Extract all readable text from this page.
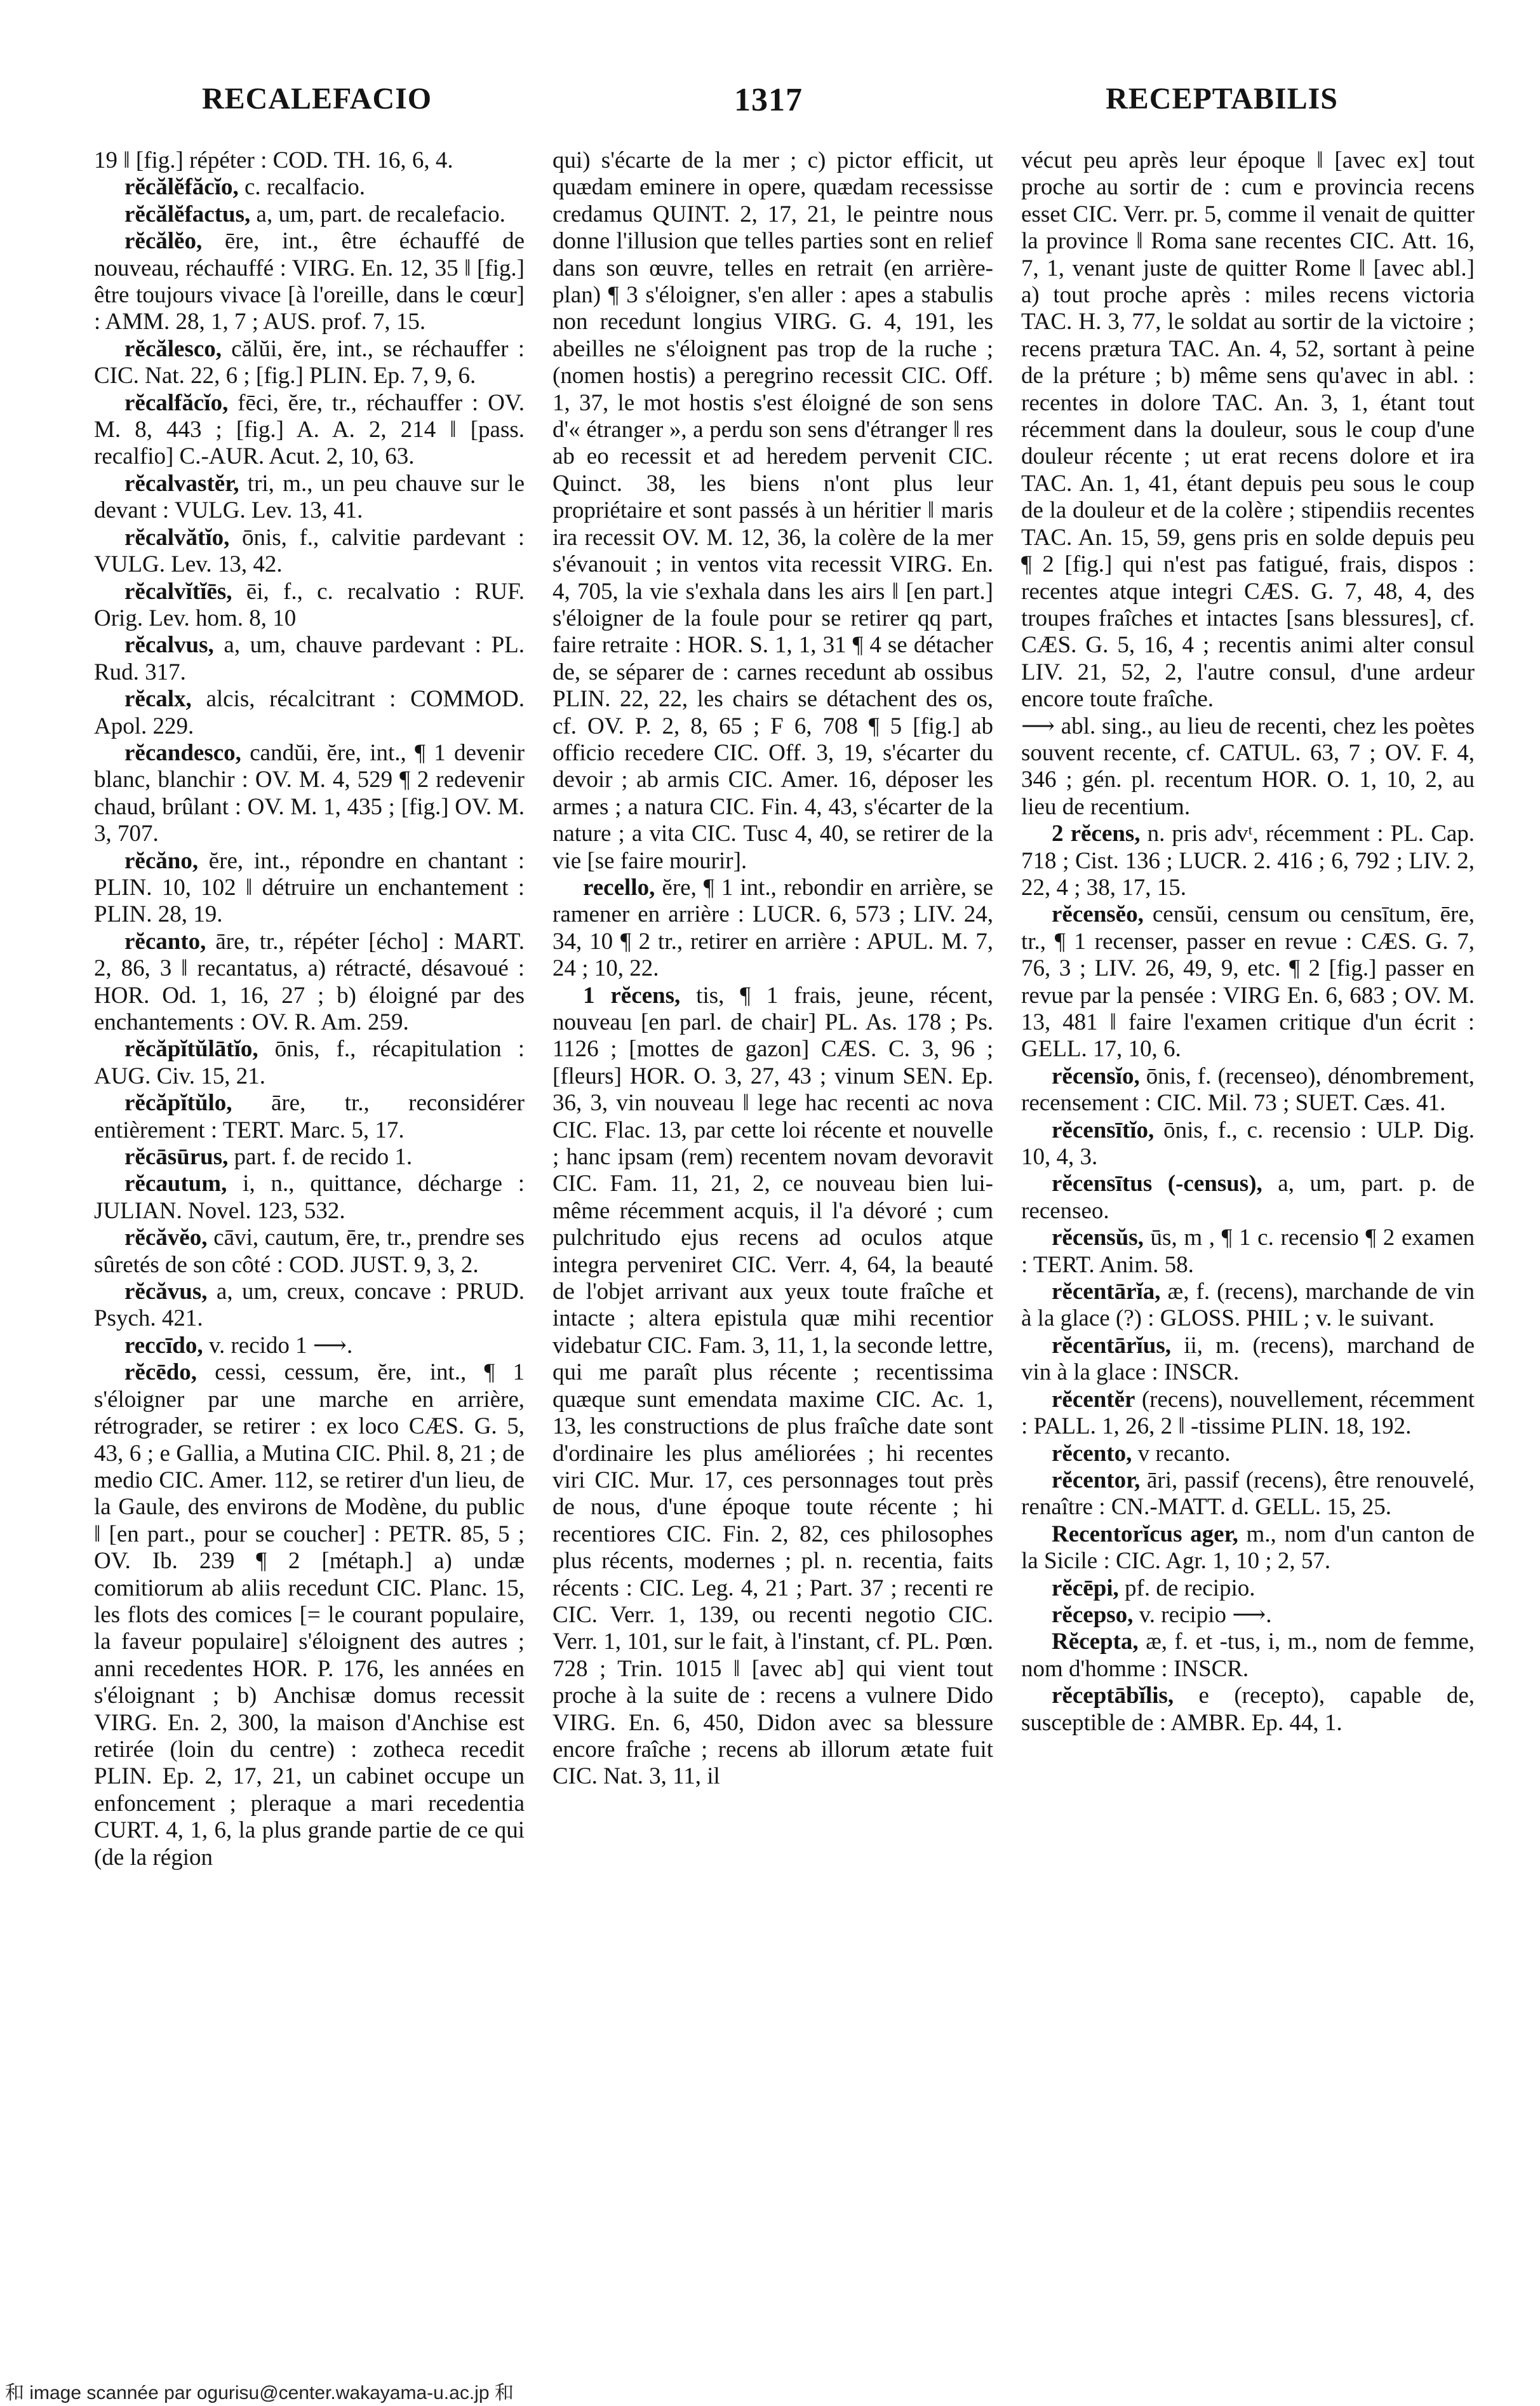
RECALEFACIO	1317	RECEPTABILIS

19 ‖ [fig.] répéter : COD. TH. 16, 6, 4.

rĕcălĕfăcĭo, c. recalfacio.

rĕcălĕfactus, a, um, part. de recalefacio.

rĕcălĕo, ēre, int., être échauffé de nouveau, réchauffé : VIRG. En. 12, 35 ‖ [fig.] être toujours vivace [à l'oreille, dans le cœur] : AMM. 28, 1, 7 ; AUS. prof. 7, 15.

rĕcălesco, călŭi, ĕre, int., se réchauffer : CIC. Nat. 22, 6 ; [fig.] PLIN. Ep. 7, 9, 6.

rĕcalfăcĭo, fēci, ĕre, tr., réchauffer : OV. M. 8, 443 ; [fig.] A. A. 2, 214 ‖ [pass. recalfio] C.-AUR. Acut. 2, 10, 63.

rĕcalvastĕr, tri, m., un peu chauve sur le devant : VULG. Lev. 13, 41.

rĕcalvătĭo, ōnis, f., calvitie pardevant : VULG. Lev. 13, 42.

rĕcalvĭtĭēs, ēi, f., c. recalvatio : RUF. Orig. Lev. hom. 8, 10

rĕcalvus, a, um, chauve pardevant : PL. Rud. 317.

rĕcalx, alcis, récalcitrant : COMMOD. Apol. 229.

rĕcandesco, candŭi, ĕre, int., ¶ 1 devenir blanc, blanchir : OV. M. 4, 529 ¶ 2 redevenir chaud, brûlant : OV. M. 1, 435 ; [fig.] OV. M. 3, 707.

rĕcăno, ĕre, int., répondre en chantant : PLIN. 10, 102 ‖ détruire un enchantement : PLIN. 28, 19.

rĕcanto, āre, tr., répéter [écho] : MART. 2, 86, 3 ‖ recantatus, a) rétracté, désavoué : HOR. Od. 1, 16, 27 ; b) éloigné par des enchantements : OV. R. Am. 259.

rĕcăpĭtŭlātĭo, ōnis, f., récapitulation : AUG. Civ. 15, 21.

rĕcăpĭtŭlo, āre, tr., reconsidérer entièrement : TERT. Marc. 5, 17.

rĕcāsūrus, part. f. de recido 1.

rĕcautum, i, n., quittance, décharge : JULIAN. Novel. 123, 532.

rĕcăvĕo, cāvi, cautum, ēre, tr., prendre ses sûretés de son côté : COD. JUST. 9, 3, 2.

rĕcăvus, a, um, creux, concave : PRUD. Psych. 421.

reccīdo, v. recido 1 ⟶.

rĕcēdo, cessi, cessum, ĕre, int., ¶ 1 s'éloigner par une marche en arrière, rétrograder, se retirer : ex loco CÆS. G. 5, 43, 6 ; e Gallia, a Mutina CIC. Phil. 8, 21 ; de medio CIC. Amer. 112, se retirer d'un lieu, de la Gaule, des environs de Modène, du public ‖ [en part., pour se coucher] : PETR. 85, 5 ; OV. Ib. 239 ¶ 2 [métaph.] a) undæ comitiorum ab aliis recedunt CIC. Planc. 15, les flots des comices [= le courant populaire, la faveur populaire] s'éloignent des autres ; anni recedentes HOR. P. 176, les années en s'éloignant ; b) Anchisæ domus recessit VIRG. En. 2, 300, la maison d'Anchise est retirée (loin du centre) : zotheca recedit PLIN. Ep. 2, 17, 21, un cabinet occupe un enfoncement ; pleraque a mari recedentia CURT. 4, 1, 6, la plus grande partie de ce qui (de la région

qui) s'écarte de la mer ; c) pictor efficit, ut quædam eminere in opere, quædam recessisse credamus QUINT. 2, 17, 21, le peintre nous donne l'illusion que telles parties sont en relief dans son œuvre, telles en retrait (en arrière-plan) ¶ 3 s'éloigner, s'en aller : apes a stabulis non recedunt longius VIRG. G. 4, 191, les abeilles ne s'éloignent pas trop de la ruche ; (nomen hostis) a peregrino recessit CIC. Off. 1, 37, le mot hostis s'est éloigné de son sens d'« étranger », a perdu son sens d'étranger ‖ res ab eo recessit et ad heredem pervenit CIC. Quinct. 38, les biens n'ont plus leur propriétaire et sont passés à un héritier ‖ maris ira recessit OV. M. 12, 36, la colère de la mer s'évanouit ; in ventos vita recessit VIRG. En. 4, 705, la vie s'exhala dans les airs ‖ [en part.] s'éloigner de la foule pour se retirer qq part, faire retraite : HOR. S. 1, 1, 31 ¶ 4 se détacher de, se séparer de : carnes recedunt ab ossibus PLIN. 22, 22, les chairs se détachent des os, cf. OV. P. 2, 8, 65 ; F 6, 708 ¶ 5 [fig.] ab officio recedere CIC. Off. 3, 19, s'écarter du devoir ; ab armis CIC. Amer. 16, déposer les armes ; a natura CIC. Fin. 4, 43, s'écarter de la nature ; a vita CIC. Tusc 4, 40, se retirer de la vie [se faire mourir].

recello, ĕre, ¶ 1 int., rebondir en arrière, se ramener en arrière : LUCR. 6, 573 ; LIV. 24, 34, 10 ¶ 2 tr., retirer en arrière : APUL. M. 7, 24 ; 10, 22.

1 rĕcens, tis, ¶ 1 frais, jeune, récent, nouveau [en parl. de chair] PL. As. 178 ; Ps. 1126 ; [mottes de gazon] CÆS. C. 3, 96 ; [fleurs] HOR. O. 3, 27, 43 ; vinum SEN. Ep. 36, 3, vin nouveau ‖ lege hac recenti ac nova CIC. Flac. 13, par cette loi récente et nouvelle ; hanc ipsam (rem) recentem novam devoravit CIC. Fam. 11, 21, 2, ce nouveau bien lui-même récemment acquis, il l'a dévoré ; cum pulchritudo ejus recens ad oculos atque integra perveniret CIC. Verr. 4, 64, la beauté de l'objet arrivant aux yeux toute fraîche et intacte ; altera epistula quæ mihi recentior videbatur CIC. Fam. 3, 11, 1, la seconde lettre, qui me paraît plus récente ; recentissima quæque sunt emendata maxime CIC. Ac. 1, 13, les constructions de plus fraîche date sont d'ordinaire les plus améliorées ; hi recentes viri CIC. Mur. 17, ces personnages tout près de nous, d'une époque toute récente ; hi recentiores CIC. Fin. 2, 82, ces philosophes plus récents, modernes ; pl. n. recentia, faits récents : CIC. Leg. 4, 21 ; Part. 37 ; recenti re CIC. Verr. 1, 139, ou recenti negotio CIC. Verr. 1, 101, sur le fait, à l'instant, cf. PL. Pœn. 728 ; Trin. 1015 ‖ [avec ab] qui vient tout proche à la suite de : recens a vulnere Dido VIRG. En. 6, 450, Didon avec sa blessure encore fraîche ; recens ab illorum ætate fuit CIC. Nat. 3, 11, il

vécut peu après leur époque ‖ [avec ex] tout proche au sortir de : cum e provincia recens esset CIC. Verr. pr. 5, comme il venait de quitter la province ‖ Roma sane recentes CIC. Att. 16, 7, 1, venant juste de quitter Rome ‖ [avec abl.] a) tout proche après : miles recens victoria TAC. H. 3, 77, le soldat au sortir de la victoire ; recens prætura TAC. An. 4, 52, sortant à peine de la préture ; b) même sens qu'avec in abl. : recentes in dolore TAC. An. 3, 1, étant tout récemment dans la douleur, sous le coup d'une douleur récente ; ut erat recens dolore et ira TAC. An. 1, 41, étant depuis peu sous le coup de la douleur et de la colère ; stipendiis recentes TAC. An. 15, 59, gens pris en solde depuis peu ¶ 2 [fig.] qui n'est pas fatigué, frais, dispos : recentes atque integri CÆS. G. 7, 48, 4, des troupes fraîches et intactes [sans blessures], cf. CÆS. G. 5, 16, 4 ; recentis animi alter consul LIV. 21, 52, 2, l'autre consul, d'une ardeur encore toute fraîche.

⟶ abl. sing., au lieu de recenti, chez les poètes souvent recente, cf. CATUL. 63, 7 ; OV. F. 4, 346 ; gén. pl. recentum HOR. O. 1, 10, 2, au lieu de recentium.

2 rĕcens, n. pris advᵗ, récemment : PL. Cap. 718 ; Cist. 136 ; LUCR. 2. 416 ; 6, 792 ; LIV. 2, 22, 4 ; 38, 17, 15.

rĕcensĕo, censŭi, censum ou censītum, ēre, tr., ¶ 1 recenser, passer en revue : CÆS. G. 7, 76, 3 ; LIV. 26, 49, 9, etc. ¶ 2 [fig.] passer en revue par la pensée : VIRG En. 6, 683 ; OV. M. 13, 481 ‖ faire l'examen critique d'un écrit : GELL. 17, 10, 6.

rĕcensĭo, ōnis, f. (recenseo), dénombrement, recensement : CIC. Mil. 73 ; SUET. Cæs. 41.

rĕcensītĭo, ōnis, f., c. recensio : ULP. Dig. 10, 4, 3.

rĕcensītus (-census), a, um, part. p. de recenseo.

rĕcensŭs, ūs, m , ¶ 1 c. recensio ¶ 2 examen : TERT. Anim. 58.

rĕcentārĭa, æ, f. (recens), marchande de vin à la glace (?) : GLOSS. PHIL ; v. le suivant.

rĕcentārĭus, ii, m. (recens), marchand de vin à la glace : INSCR.

rĕcentĕr (recens), nouvellement, récemment : PALL. 1, 26, 2 ‖ -tissime PLIN. 18, 192.

rĕcento, v recanto.

rĕcentor, āri, passif (recens), être renouvelé, renaître : CN.-MATT. d. GELL. 15, 25.

Recentorĭcus ager, m., nom d'un canton de la Sicile : CIC. Agr. 1, 10 ; 2, 57.

rĕcēpi, pf. de recipio.

rĕcepso, v. recipio ⟶.

Rĕcepta, æ, f. et -tus, i, m., nom de femme, nom d'homme : INSCR.

rĕceptābĭlis, e (recepto), capable de, susceptible de : AMBR. Ep. 44, 1.

和 image scannée par ogurisu@center.wakayama-u.ac.jp 和
